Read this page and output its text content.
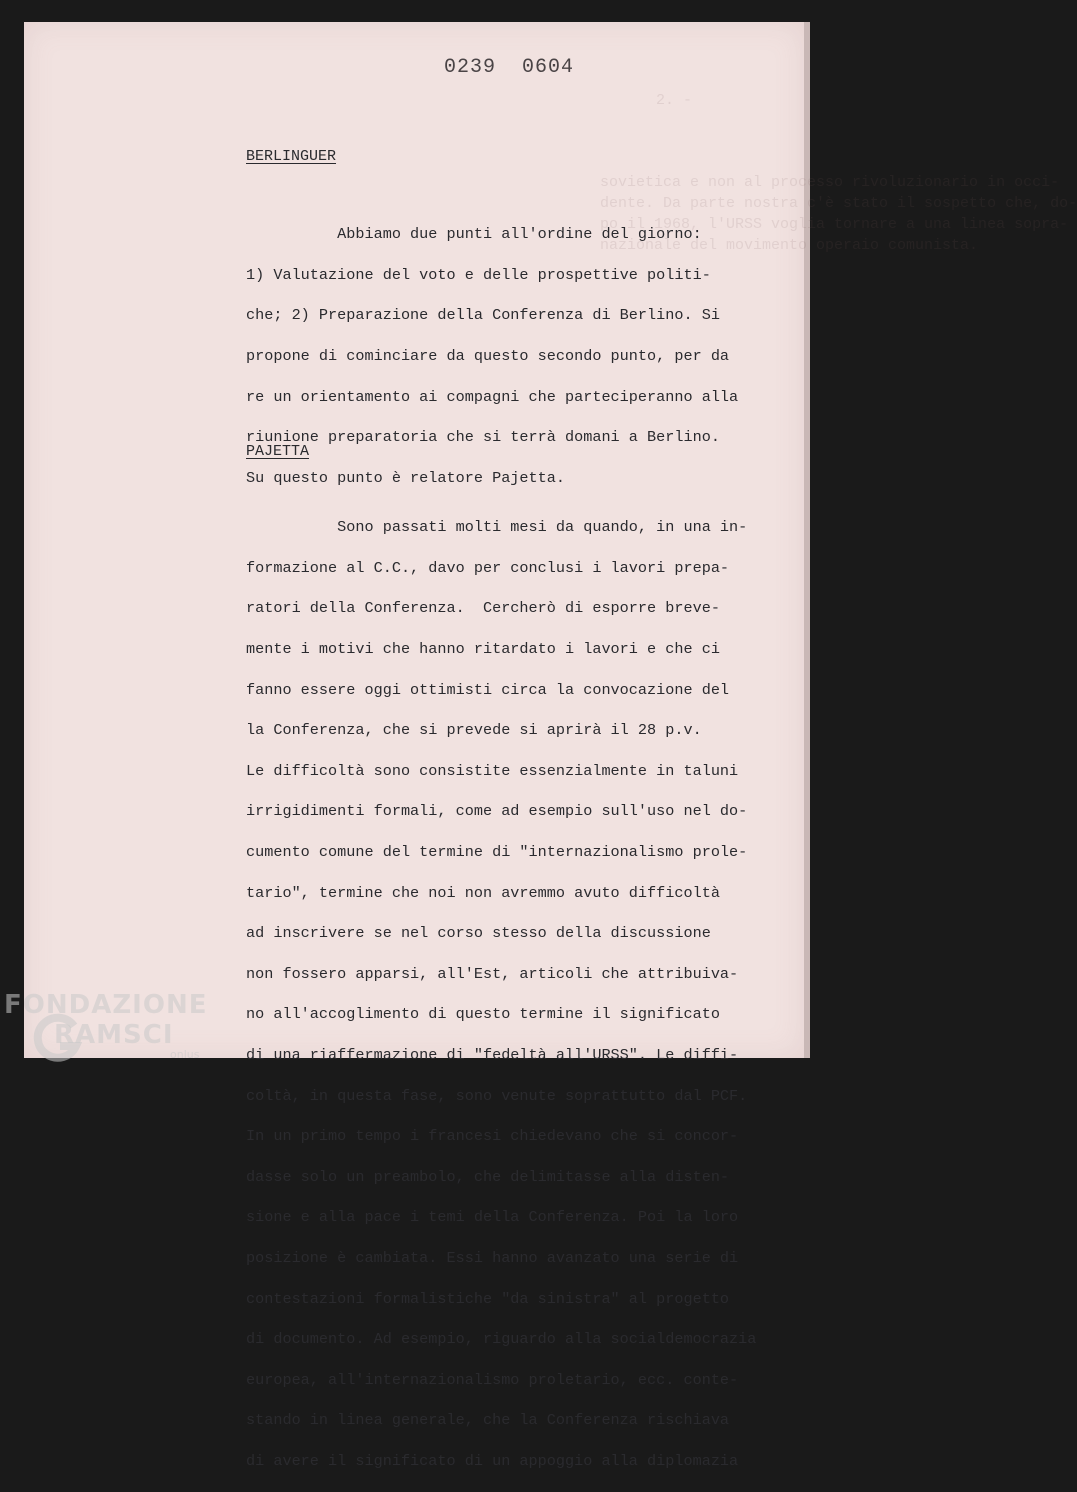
2. -
sovietica e non al processo rivoluzionario in occi-
dente. Da parte nostra c'è stato il sospetto che, do-
po il 1968, l'URSS voglia tornare a una linea sopra-
nazionale del movimento operaio comunista.
0239 0604
BERLINGUER

Abbiamo due punti all'ordine del giorno:

1) Valutazione del voto e delle prospettive politi-

che; 2) Preparazione della Conferenza di Berlino. Si

propone di cominciare da questo secondo punto, per da

re un orientamento ai compagni che parteciperanno alla

riunione preparatoria che si terrà domani a Berlino.

Su questo punto è relatore Pajetta.

PAJETTA

Sono passati molti mesi da quando, in una in-

formazione al C.C., davo per conclusi i lavori prepa-

ratori della Conferenza.  Cercherò di esporre breve-

mente i motivi che hanno ritardato i lavori e che ci

fanno essere oggi ottimisti circa la convocazione del

la Conferenza, che si prevede si aprirà il 28 p.v.

Le difficoltà sono consistite essenzialmente in taluni

irrigidimenti formali, come ad esempio sull'uso nel do-

cumento comune del termine di "internazionalismo prole-

tario", termine che noi non avremmo avuto difficoltà

ad inscrivere se nel corso stesso della discussione

non fossero apparsi, all'Est, articoli che attribuiva-

no all'accoglimento di questo termine il significato

di una riaffermazione di "fedeltà all'URSS". Le diffi-

coltà, in questa fase, sono venute soprattutto dal PCF.

In un primo tempo i francesi chiedevano che si concor-

dasse solo un preambolo, che delimitasse alla disten-

sione e alla pace i temi della Conferenza. Poi la loro

posizione è cambiata. Essi hanno avanzato una serie di

contestazioni formalistiche "da sinistra" al progetto

di documento. Ad esempio, riguardo alla socialdemocrazia

europea, all'internazionalismo proletario, ecc. conte-

stando in linea generale, che la Conferenza rischiava

di avere il significato di un appoggio alla diplomazia

FONDAZIONE
RAMSCI
onlus
